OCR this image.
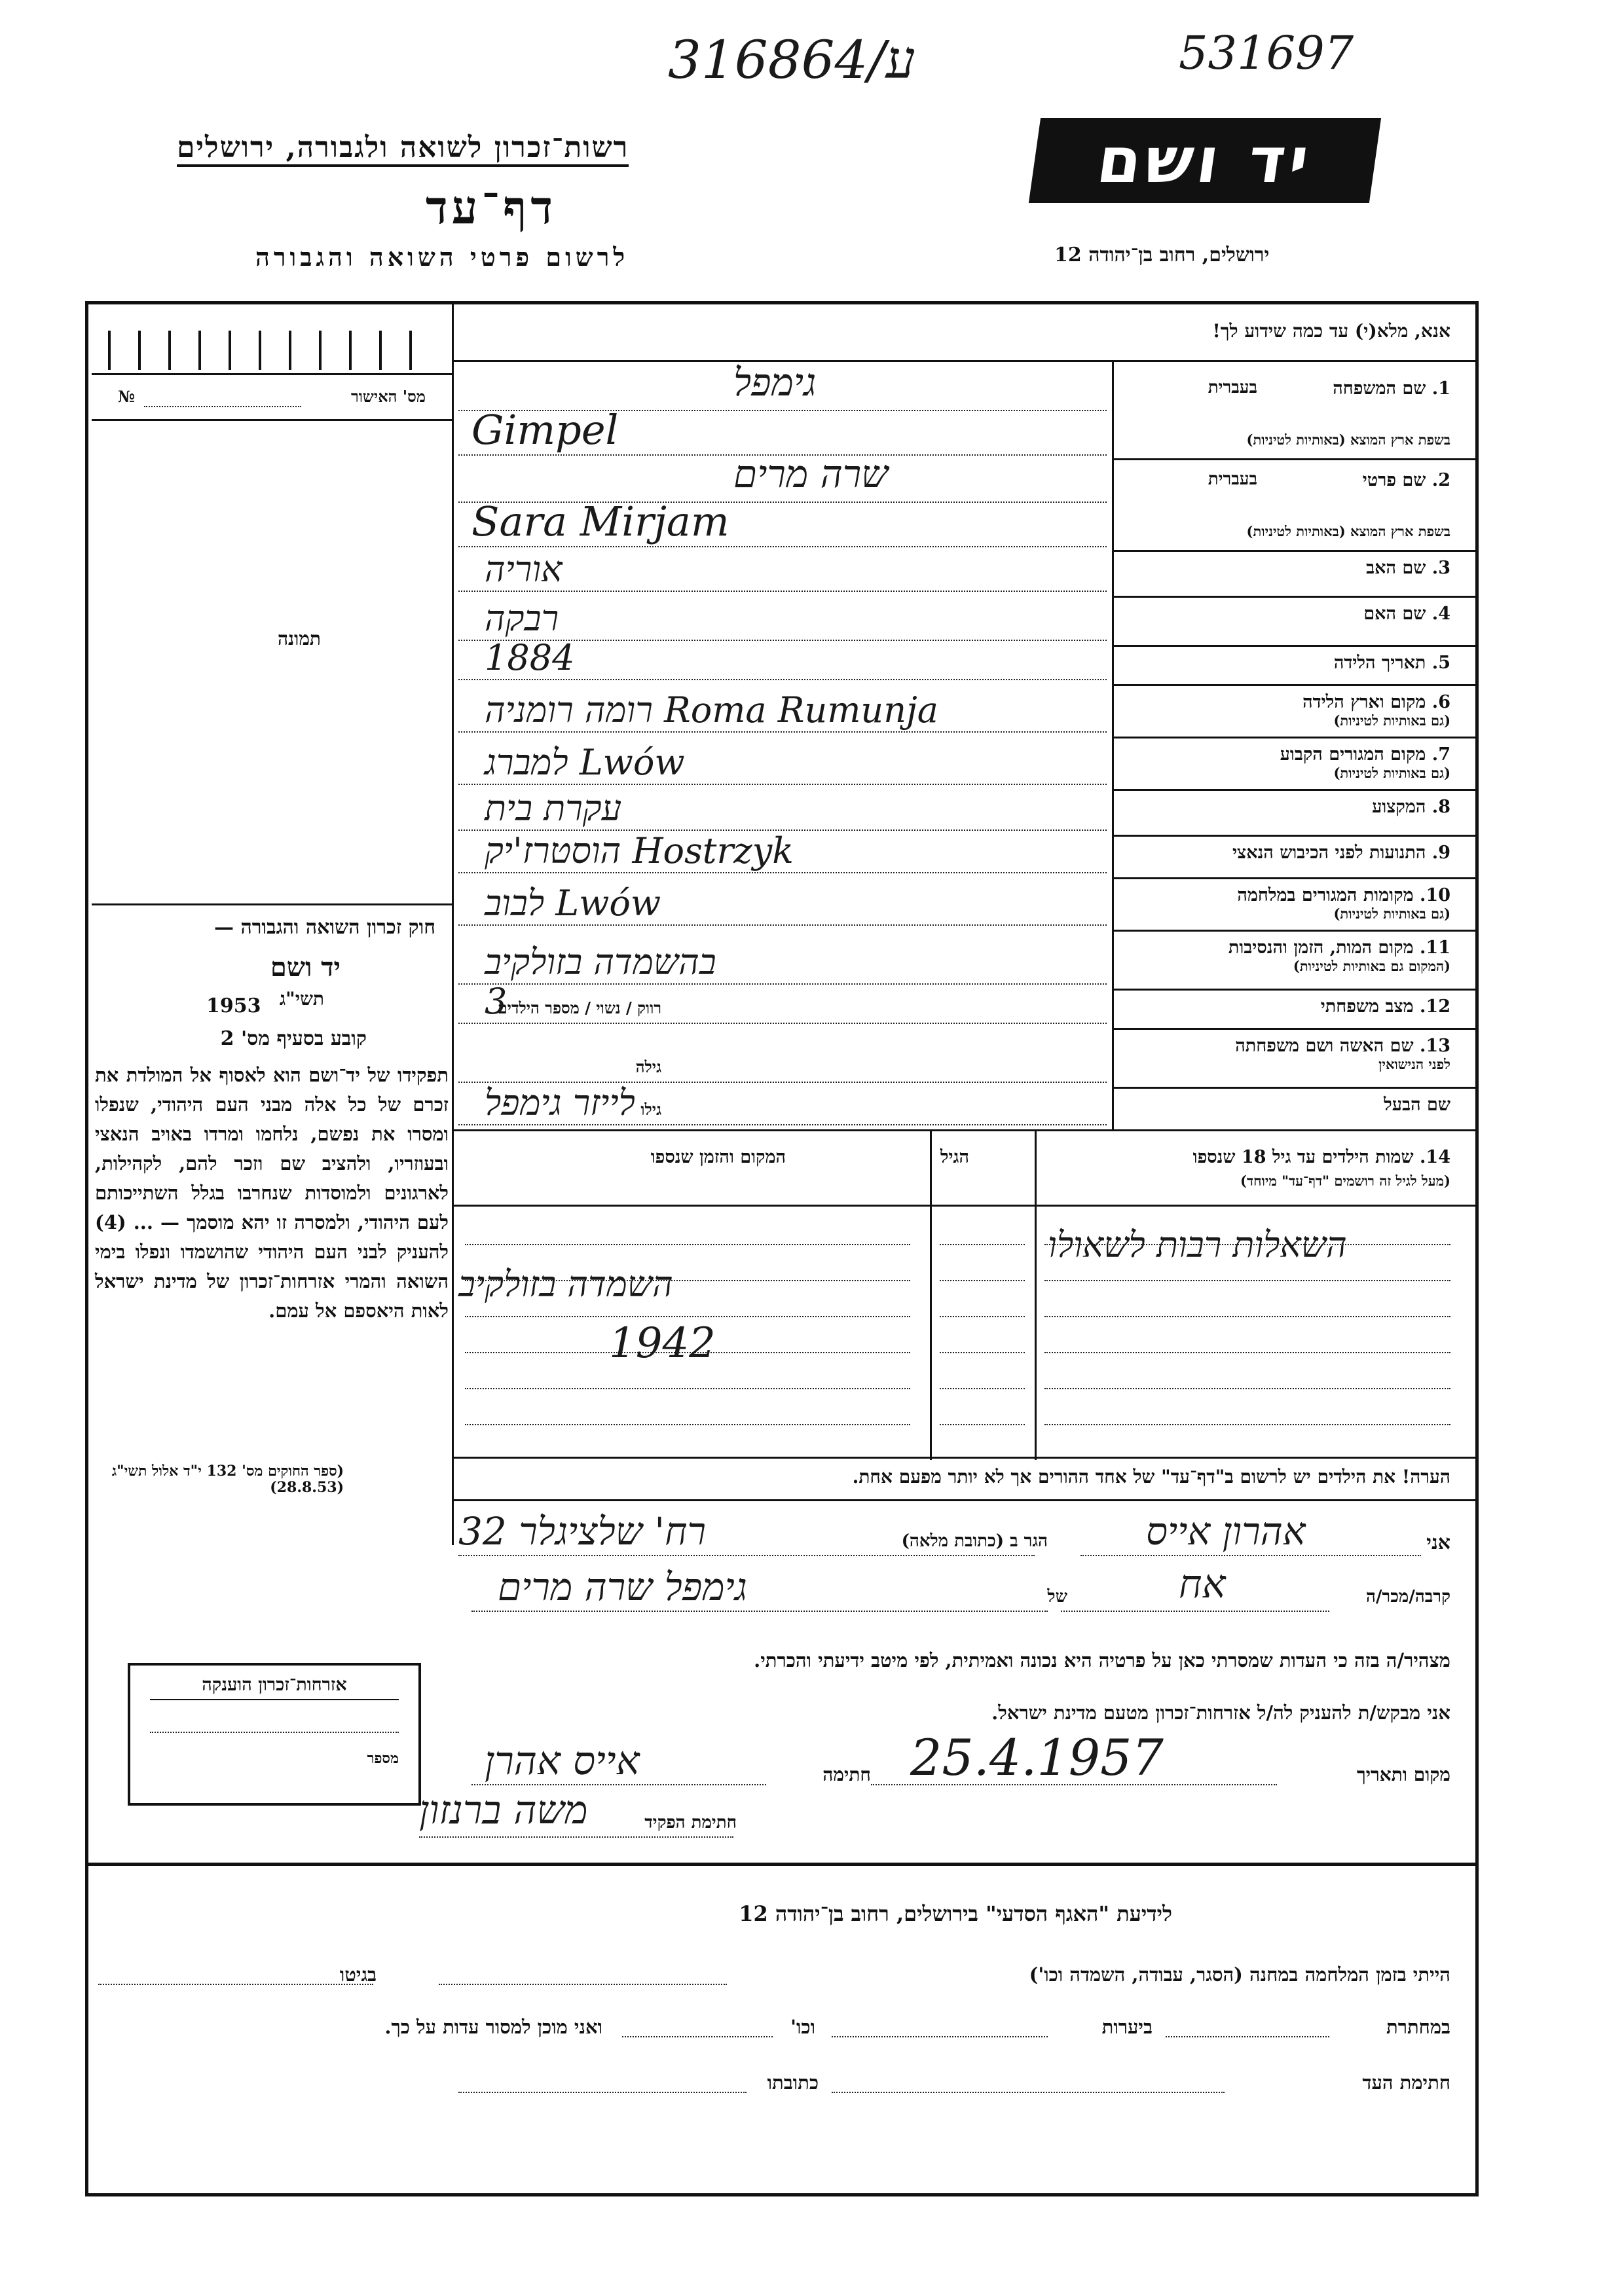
316864/ע	531697
רשות־זכרון לשואה ולגבורה, ירושלים
דף־עד
לרשום פרטי השואה והגבורה
יד ושם
ירושלים, רחוב בן־יהודה 12
מס' האישור
№
תמונה
חוק זכרון השואה והגבורה —
יד ושם
תשי"ג
1953
קובע בסעיף מס' 2
תפקידו של יד־ושם הוא לאסוף אל המולדת את זכרם של כל אלה מבני העם היהודי, שנפלו ומסרו את נפשם, נלחמו ומרדו באויב הנאצי ובעוזריו, ולהציב שם וזכר להם, לקהילות, לארגונים ולמוסדות שנחרבו בגלל השתייכותם לעם היהודי, ולמסרה זו יהא מוסמך — ... (4) להעניק לבני העם היהודי שהושמדו ונפלו בימי השואה והמרי אזרחות־זכרון של מדינת ישראל לאות היאספם אל עמם.
(ספר החוקים מס' 132 י"ד אלול תשי"ג (28.8.53)
אנא, מלא(י) עד כמה שידוע לך!
1. שם המשפחה
בשפת ארץ המוצא (באותיות לטיניות)
בעברית
גימפל
Gimpel
2. שם פרטי
בשפת ארץ המוצא (באותיות לטיניות)
בעברית
שרה מרים
Sara Mirjam
3. שם האב
אוריה
4. שם האם
רבקה
5. תאריך הלידה
1884
6. מקום וארץ הלידה
(גם באותיות לטיניות)
Roma Rumunja רומה רומניה
7. מקום המגורים הקבוע
(גם באותיות לטיניות)
Lwów למברג
8. המקצוע
עקרת בית
9. התנועות לפני הכיבוש הנאצי
Hostrzyk הוסטרז'יק
10. מקומות המגורים במלחמה
(גם באותיות לטיניות)
Lwów לבוב
11. מקום המות, הזמן והנסיבות
(המקום גם באותיות לטיניות)
בהשמדה בזולקיב
12. מצב משפחתי
רווק / נשוי / מספר הילדים
3
13. שם האשה ושם משפחתה
לפני הנישואין
גילה
שם הבעל
גילו
לייזר גימפל
14. שמות הילדים עד גיל 18 שנספו
(מעל לגיל זה רושמים "דף־עד" מיוחד)
הגיל
המקום והזמן שנספו
השאלות רבות לשאולו
השמדה בזולקיב
1942
הערה! את הילדים יש לרשום ב"דף־עד" של אחד ההורים אך לא יותר מפעם אחת.
אני
אהרון אייס
הגר ב (כתובת מלאה)
רח' שלציגלר 32
קרבה/מכר/ה
אח
של
גימפל שרה מרים
מצהיר/ה בזה כי העדות שמסרתי כאן על פרטיה היא נכונה ואמיתית, לפי מיטב ידיעתי והכרתי.
אני מבקש/ת להעניק לה/ל אזרחות־זכרון מטעם מדינת ישראל.
מקום ותאריך
25.4.1957
חתימה
אייס אהרן
חתימת הפקיד
משה ברנזון
אזרחות־זכרון הוענקה
מספר
לידיעת "האגף הסדעי" בירושלים, רחוב בן־יהודה 12
הייתי בזמן המלחמה במחנה (הסגר, עבודה, השמדה וכו')
בגיטו
במחתרת
ביערות
וכו'
ואני מוכן למסור עדות על כך.
חתימת העד
כתובתו
